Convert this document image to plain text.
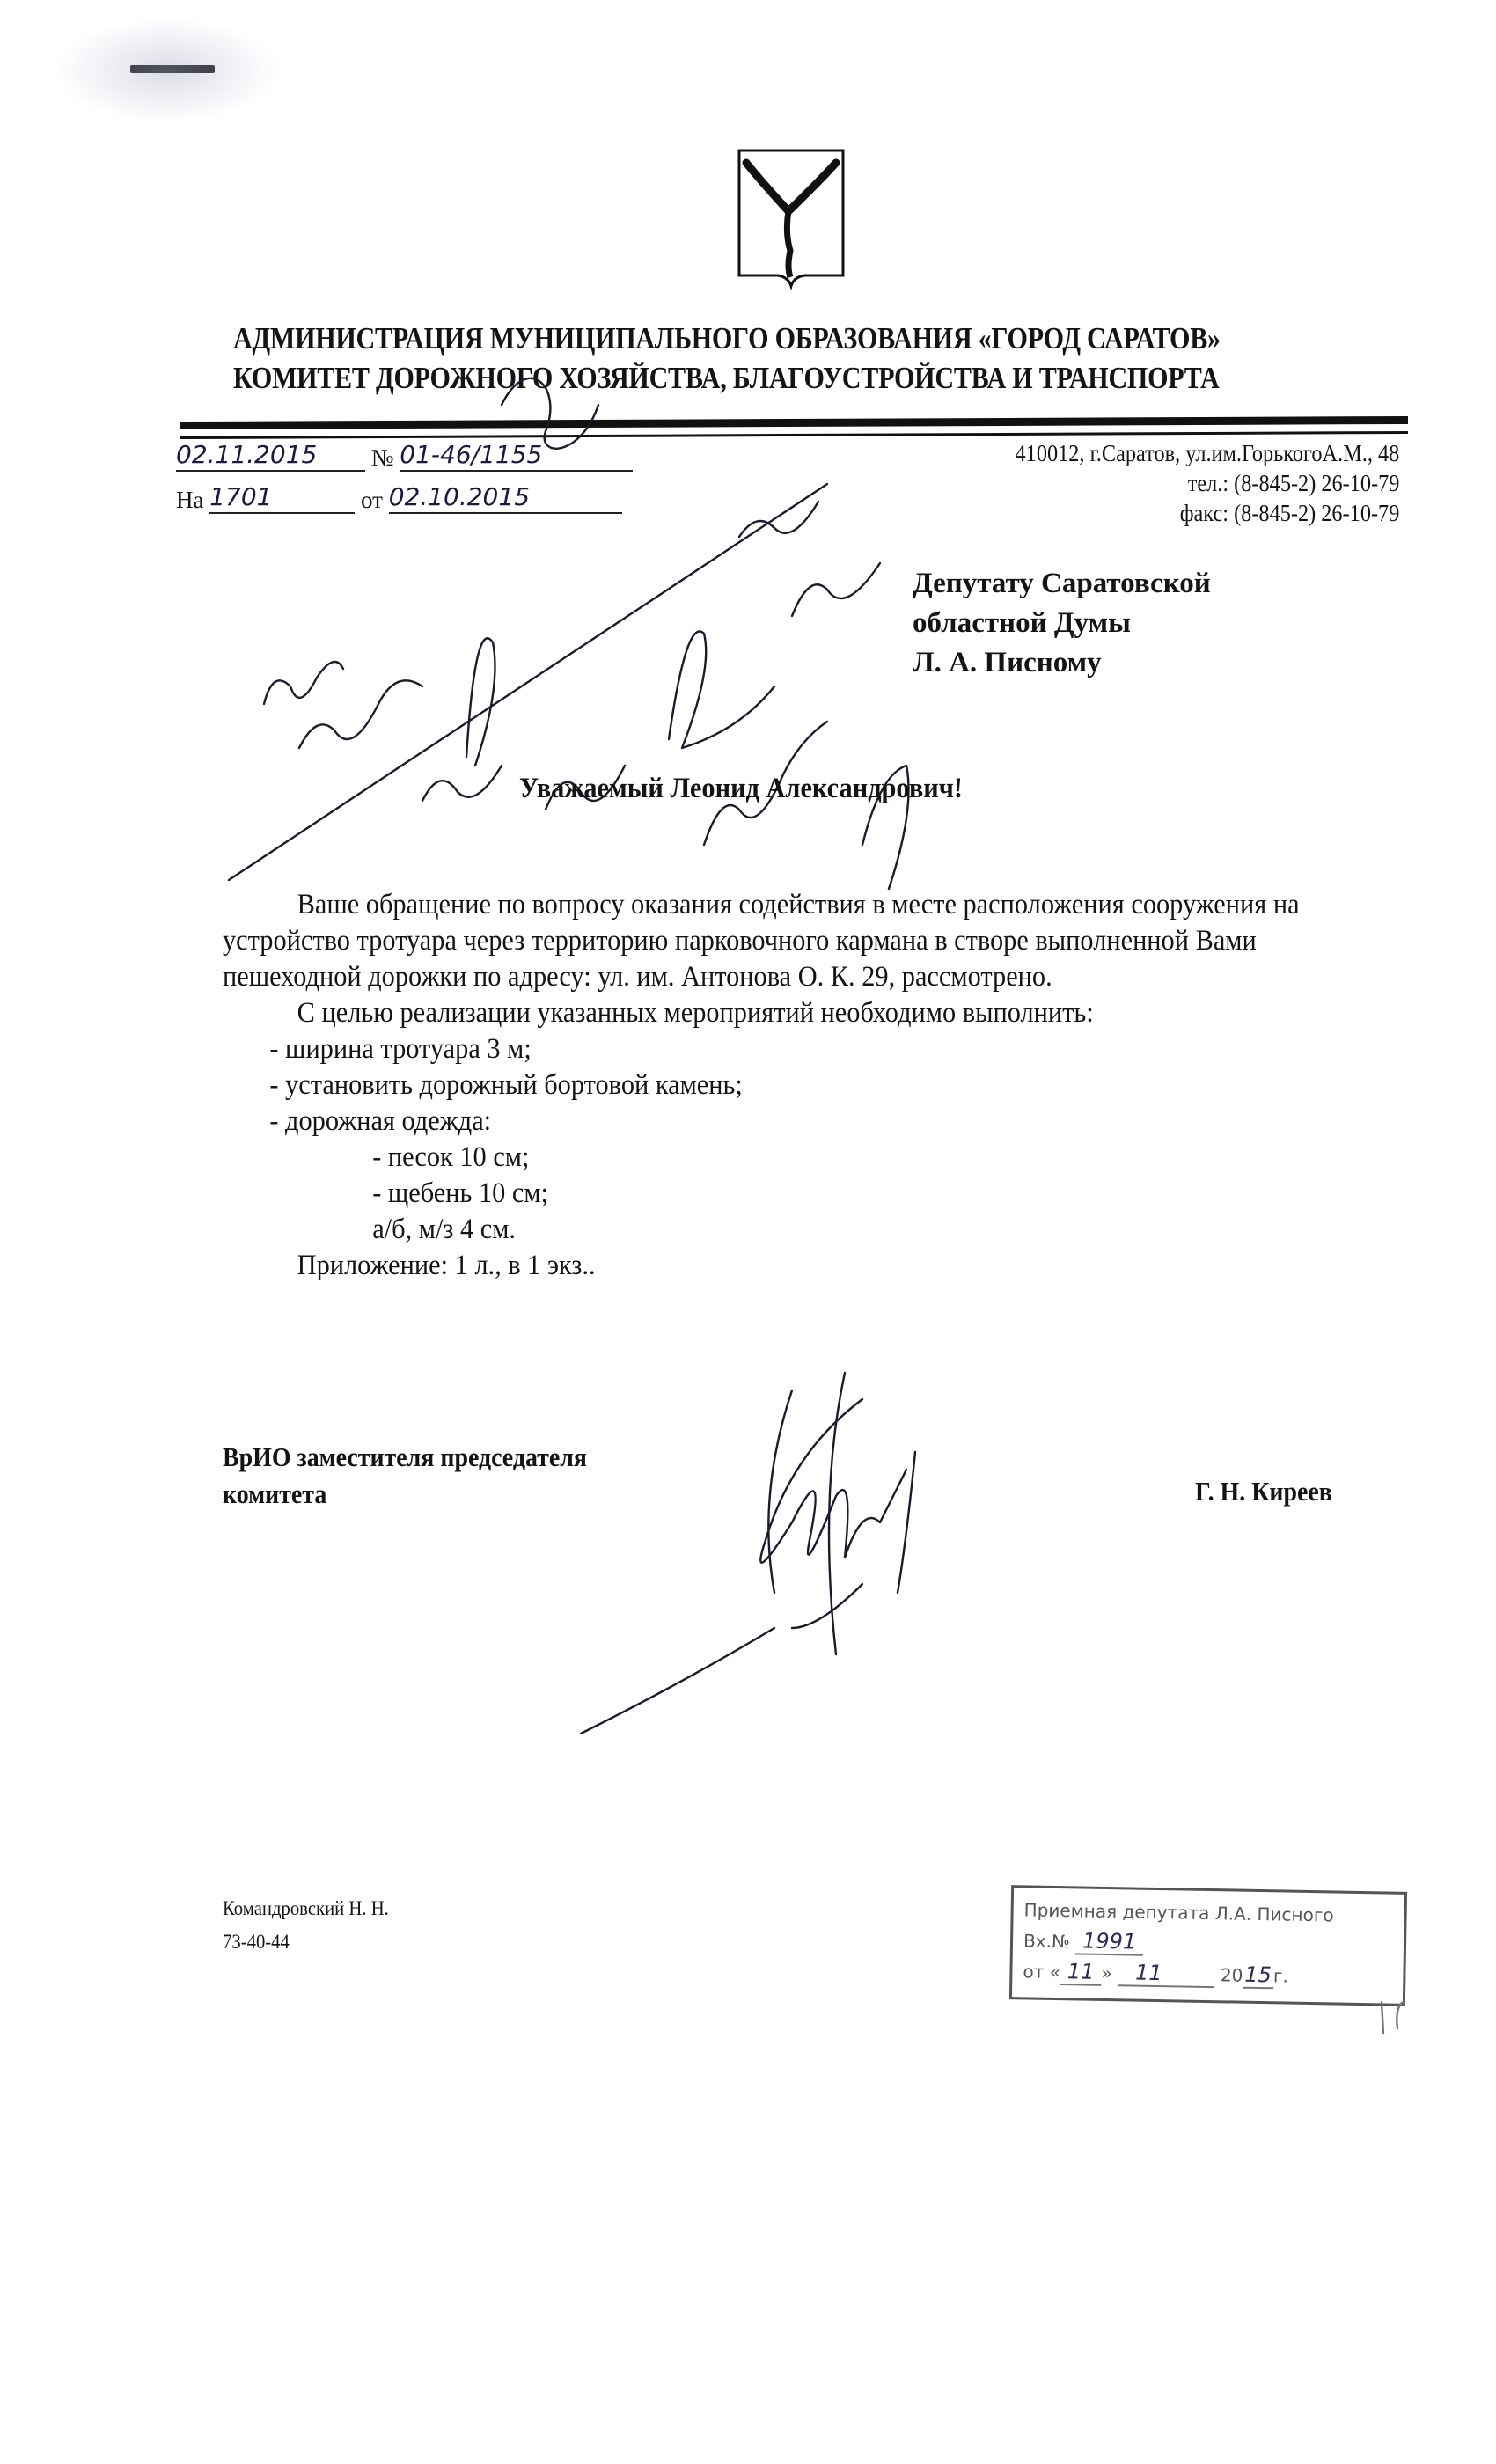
АДМИНИСТРАЦИЯ МУНИЦИПАЛЬНОГО ОБРАЗОВАНИЯ «ГОРОД САРАТОВ»
КОМИТЕТ ДОРОЖНОГО ХОЗЯЙСТВА, БЛАГОУСТРОЙСТВА И ТРАНСПОРТА
410012, г.Саратов, ул.им.ГорькогоА.М., 48
тел.: (8-845-2) 26-10-79
факс: (8-845-2) 26-10-79
02.11.2015 № 01-46/1155
На 1701	от 02.10.2015
Депутату Саратовской
областной Думы
Л. А. Писному
Уважаемый Леонид Александрович!

Ваше обращение по вопросу оказания содействия в месте расположения сооружения на устройство тротуара через территорию парковочного кармана в створе выполненной Вами пешеходной дорожки по адресу: ул. им. Антонова О. К. 29, рассмотрено.

С целью реализации указанных мероприятий необходимо выполнить:

- ширина тротуара 3 м;

- установить дорожный бортовой камень;

- дорожная одежда:

- песок 10 см;

- щебень 10 см;

а/б, м/з 4 см.

Приложение: 1 л., в 1 экз..

ВрИО заместителя председателя
комитета	Г. Н. Киреев
Командровский Н. Н.
73-40-44
Приемная депутата Л.А. Писного
Вх.№ 1991
от « 11 » 11	2015г.
